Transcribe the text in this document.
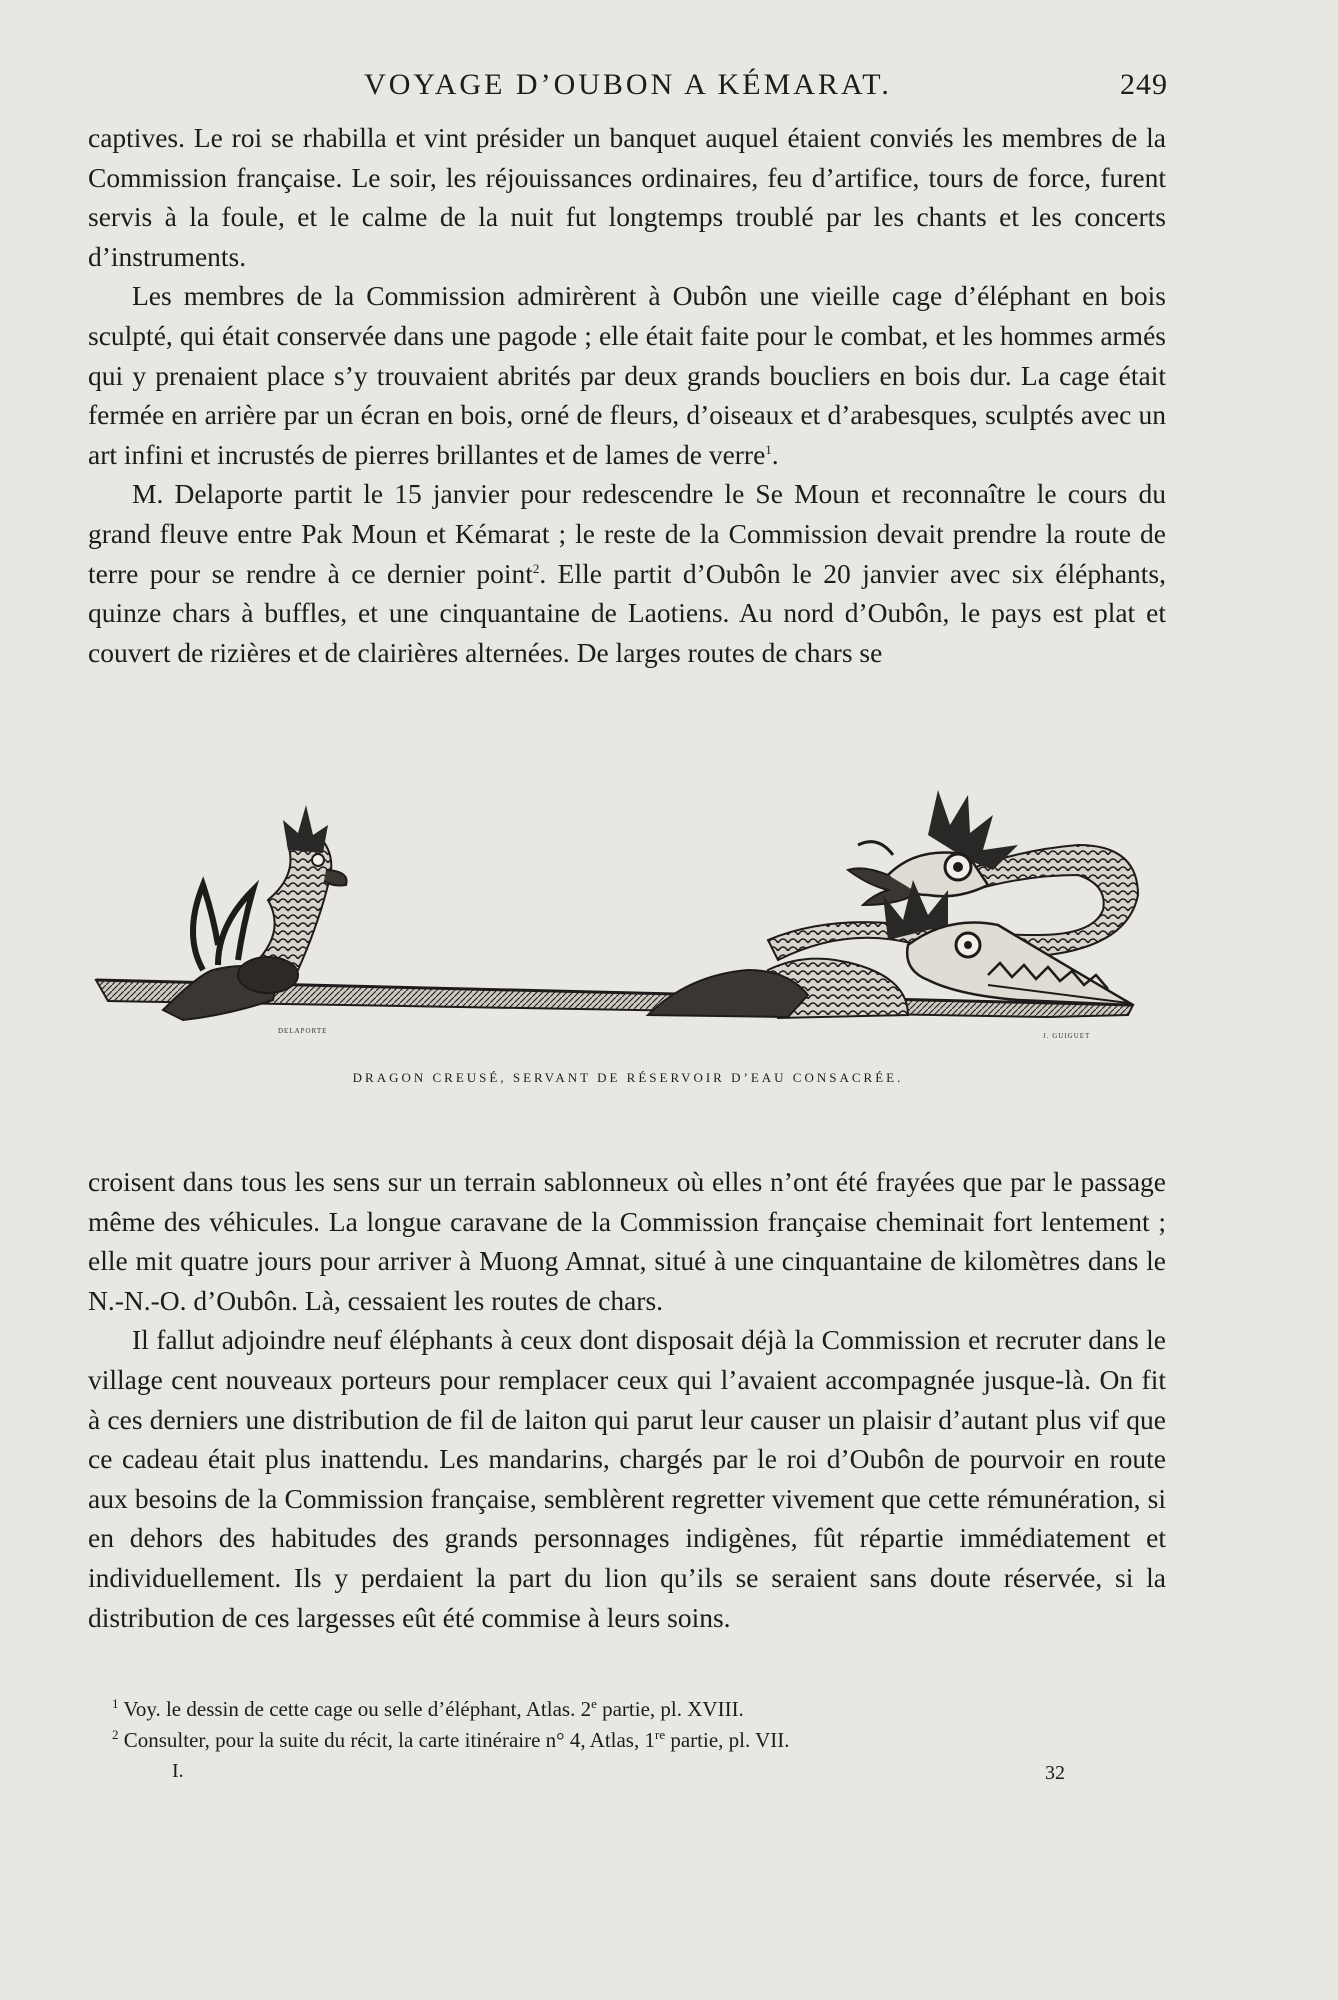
VOYAGE D’OUBON A KÉMARAT.	249

captives. Le roi se rhabilla et vint présider un banquet auquel étaient conviés les membres de la Commission française. Le soir, les réjouissances ordinaires, feu d’artifice, tours de force, furent servis à la foule, et le calme de la nuit fut longtemps troublé par les chants et les concerts d’instruments.

Les membres de la Commission admirèrent à Oubôn une vieille cage d’éléphant en bois sculpté, qui était conservée dans une pagode ; elle était faite pour le combat, et les hommes armés qui y prenaient place s’y trouvaient abrités par deux grands boucliers en bois dur. La cage était fermée en arrière par un écran en bois, orné de fleurs, d’oiseaux et d’arabesques, sculptés avec un art infini et incrustés de pierres brillantes et de lames de verre$^1$.

M. Delaporte partit le 15 janvier pour redescendre le Se Moun et reconnaître le cours du grand fleuve entre Pak Moun et Kémarat ; le reste de la Commission devait prendre la route de terre pour se rendre à ce dernier point$^2$. Elle partit d’Oubôn le 20 janvier avec six éléphants, quinze chars à buffles, et une cinquantaine de Laotiens. Au nord d’Oubôn, le pays est plat et couvert de rizières et de clairières alternées. De larges routes de chars se

DELAPORTE
J. GUIGUET
DRAGON CREUSÉ, SERVANT DE RÉSERVOIR D’EAU CONSACRÉE.

croisent dans tous les sens sur un terrain sablonneux où elles n’ont été frayées que par le passage même des véhicules. La longue caravane de la Commission française cheminait fort lentement ; elle mit quatre jours pour arriver à Muong Amnat, situé à une cinquantaine de kilomètres dans le N.-N.-O. d’Oubôn. Là, cessaient les routes de chars.

Il fallut adjoindre neuf éléphants à ceux dont disposait déjà la Commission et recruter dans le village cent nouveaux porteurs pour remplacer ceux qui l’avaient accompagnée jusque-là. On fit à ces derniers une distribution de fil de laiton qui parut leur causer un plaisir d’autant plus vif que ce cadeau était plus inattendu. Les mandarins, chargés par le roi d’Oubôn de pourvoir en route aux besoins de la Commission française, semblèrent regretter vivement que cette rémunération, si en dehors des habitudes des grands personnages indigènes, fût répartie immédiatement et individuellement. Ils y perdaient la part du lion qu’ils se seraient sans doute réservée, si la distribution de ces largesses eût été commise à leurs soins.

$^1$ Voy. le dessin de cette cage ou selle d’éléphant, Atlas. 2e partie, pl. XVIII.
$^2$ Consulter, pour la suite du récit, la carte itinéraire n° 4, Atlas, 1re partie, pl. VII.
I.	32
